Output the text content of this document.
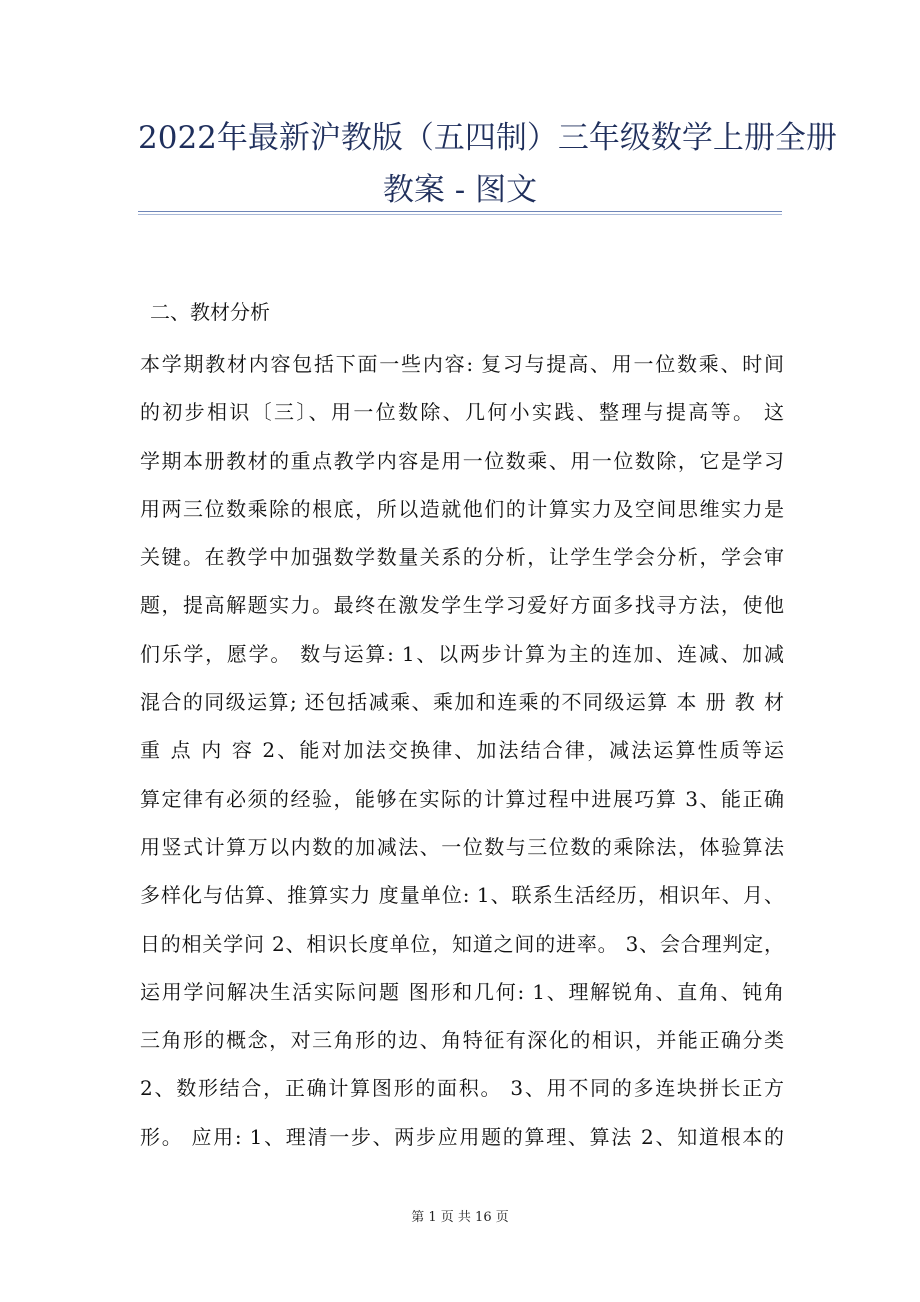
2022年最新沪教版（五四制）三年级数学上册全册
教案 - 图文
二、教材分析
本学期教材内容包括下面一些内容: 复习与提高、用一位数乘、时间
的初步相识〔三〕、用一位数除、几何小实践、整理与提高等。 这
学期本册教材的重点教学内容是用一位数乘、用一位数除，它是学习
用两三位数乘除的根底，所以造就他们的计算实力及空间思维实力是
关键。在教学中加强数学数量关系的分析，让学生学会分析，学会审
题，提高解题实力。最终在激发学生学习爱好方面多找寻方法，使他
们乐学，愿学。 数与运算: 1、以两步计算为主的连加、连减、加减
混合的同级运算; 还包括减乘、乘加和连乘的不同级运算 本 册 教 材
重 点 内 容 2、能对加法交换律、加法结合律，减法运算性质等运
算定律有必须的经验，能够在实际的计算过程中进展巧算 3、能正确
用竖式计算万以内数的加减法、一位数与三位数的乘除法，体验算法
多样化与估算、推算实力 度量单位: 1、联系生活经历，相识年、月、
日的相关学问 2、相识长度单位，知道之间的进率。 3、会合理判定，
运用学问解决生活实际问题 图形和几何: 1、理解锐角、直角、钝角
三角形的概念，对三角形的边、角特征有深化的相识，并能正确分类
2、数形结合，正确计算图形的面积。 3、用不同的多连块拼长正方
形。 应用: 1、理清一步、两步应用题的算理、算法 2、知道根本的
第 1 页 共 16 页
